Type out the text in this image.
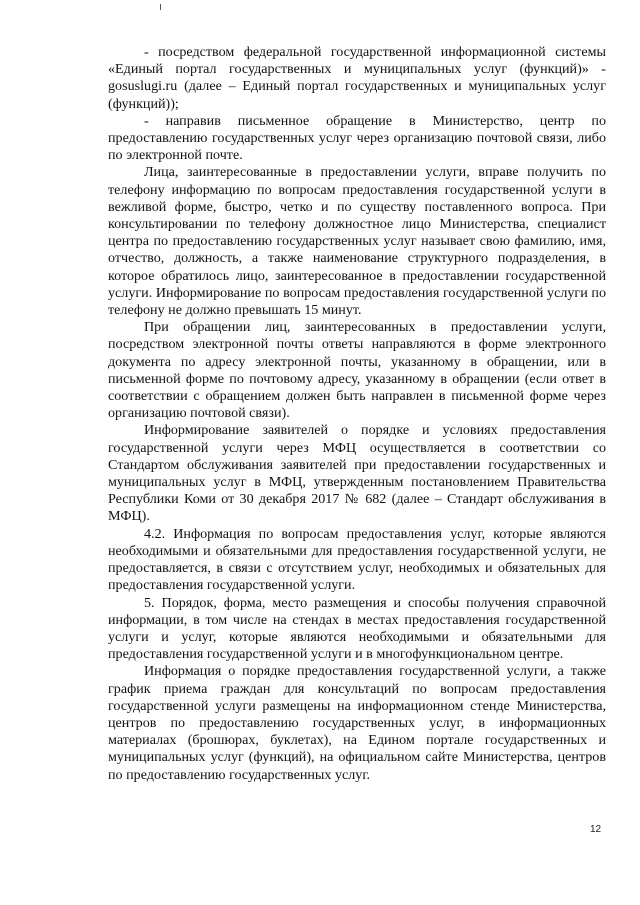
- посредством федеральной государственной информационной системы «Единый портал государственных и муниципальных услуг (функций)» - gosuslugi.ru (далее – Единый портал государственных и муниципальных услуг (функций));

- направив письменное обращение в Министерство, центр по предоставлению государственных услуг через организацию почтовой связи, либо по электронной почте.

Лица, заинтересованные в предоставлении услуги, вправе получить по телефону информацию по вопросам предоставления государственной услуги в вежливой форме, быстро, четко и по существу поставленного вопроса. При консультировании по телефону должностное лицо Министерства, специалист центра по предоставлению государственных услуг называет свою фамилию, имя, отчество, должность, а также наименование структурного подразделения, в которое обратилось лицо, заинтересованное в предоставлении государственной услуги. Информирование по вопросам предоставления государственной услуги по телефону не должно превышать 15 минут.

При обращении лиц, заинтересованных в предоставлении услуги, посредством электронной почты ответы направляются в форме электронного документа по адресу электронной почты, указанному в обращении, или в письменной форме по почтовому адресу, указанному в обращении (если ответ в соответствии с обращением должен быть направлен в письменной форме через организацию почтовой связи).

Информирование заявителей о порядке и условиях предоставления государственной услуги через МФЦ осуществляется в соответствии со Стандартом обслуживания заявителей при предоставлении государственных и муниципальных услуг в МФЦ, утвержденным постановлением Правительства Республики Коми от 30 декабря 2017 № 682 (далее – Стандарт обслуживания в МФЦ).

4.2. Информация по вопросам предоставления услуг, которые являются необходимыми и обязательными для предоставления государственной услуги, не предоставляется, в связи с отсутствием услуг, необходимых и обязательных для предоставления государственной услуги.

5. Порядок, форма, место размещения и способы получения справочной информации, в том числе на стендах в местах предоставления государственной услуги и услуг, которые являются необходимыми и обязательными для предоставления государственной услуги и в многофункциональном центре.

Информация о порядке предоставления государственной услуги, а также график приема граждан для консультаций по вопросам предоставления государственной услуги размещены на информационном стенде Министерства, центров по предоставлению государственных услуг, в информационных материалах (брошюрах, буклетах), на Едином портале государственных и муниципальных услуг (функций), на официальном сайте Министерства, центров по предоставлению государственных услуг.

12
